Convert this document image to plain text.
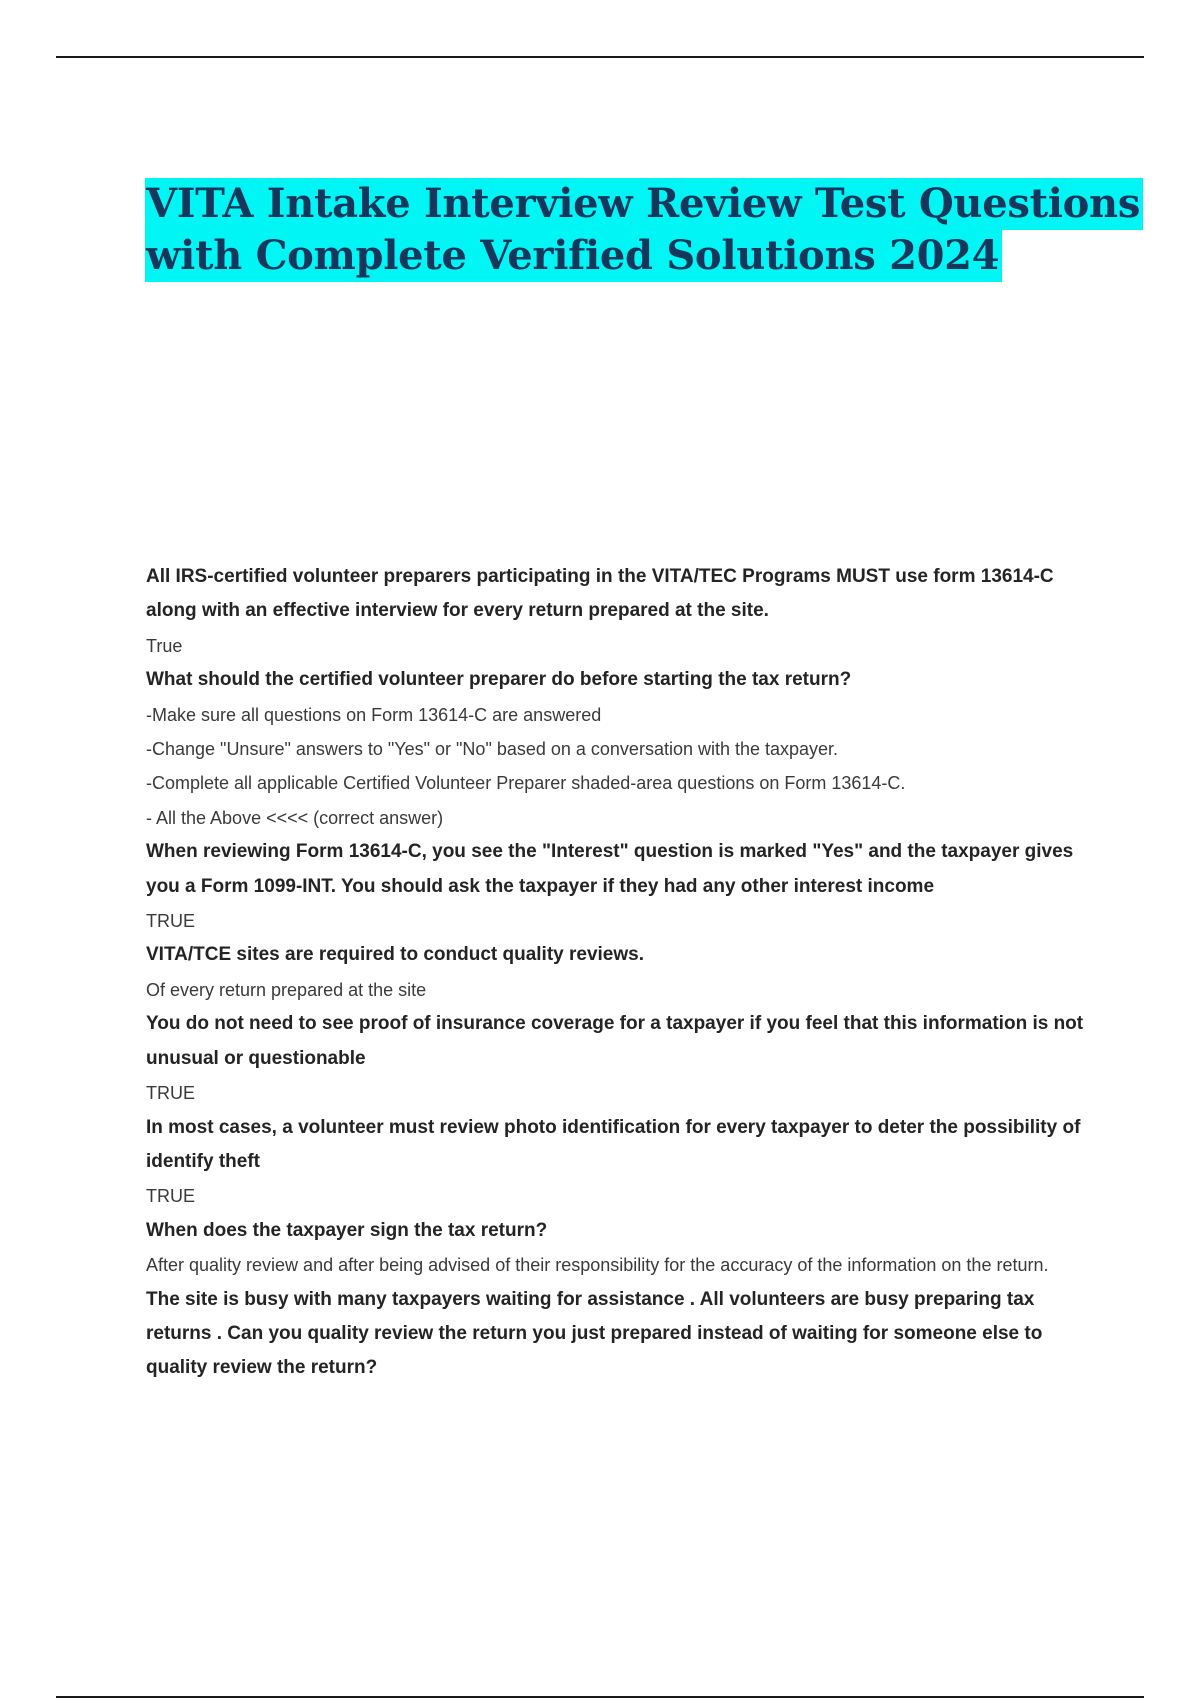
VITA Intake Interview Review Test Questions
with Complete Verified Solutions 2024

All IRS-certified volunteer preparers participating in the VITA/TEC Programs MUST use form 13614-C along with an effective interview for every return prepared at the site.

True

What should the certified volunteer preparer do before starting the tax return?

-Make sure all questions on Form 13614-C are answered

-Change "Unsure" answers to "Yes" or "No" based on a conversation with the taxpayer.

-Complete all applicable Certified Volunteer Preparer shaded-area questions on Form 13614-C.

- All the Above <<<< (correct answer)

When reviewing Form 13614-C, you see the "Interest" question is marked "Yes" and the taxpayer gives you a Form 1099-INT. You should ask the taxpayer if they had any other interest income

TRUE

VITA/TCE sites are required to conduct quality reviews.

Of every return prepared at the site

You do not need to see proof of insurance coverage for a taxpayer if you feel that this information is not unusual or questionable

TRUE

In most cases, a volunteer must review photo identification for every taxpayer to deter the possibility of identify theft

TRUE

When does the taxpayer sign the tax return?

After quality review and after being advised of their responsibility for the accuracy of the information on the return.

The site is busy with many taxpayers waiting for assistance . All volunteers are busy preparing tax returns . Can you quality review the return you just prepared instead of waiting for someone else to quality review the return?
